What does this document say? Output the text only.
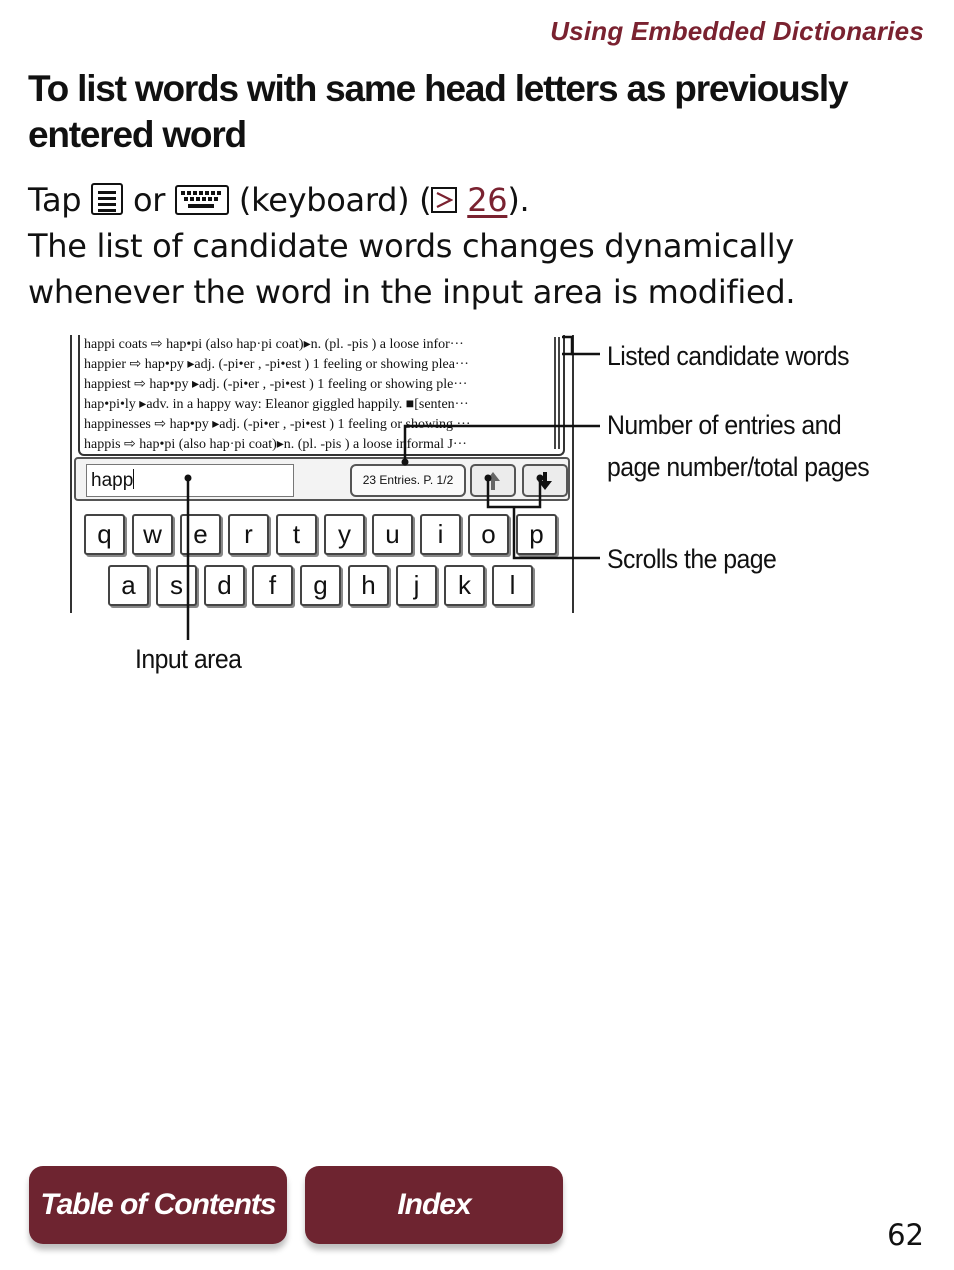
Using Embedded Dictionaries
To list words with same head letters as previously
entered word
Tap or (keyboard) ( 26).
The list of candidate words changes dynamically
whenever the word in the input area is modified.
happi coats ⇨ hap•pi (also hap·pi coat)▸n. (pl. -pis ) a loose infor···
happier ⇨ hap•py ▸adj. (-pi•er , -pi•est ) 1 feeling or showing plea···
happiest ⇨ hap•py ▸adj. (-pi•er , -pi•est ) 1 feeling or showing ple···
hap•pi•ly ▸adv. in a happy way: Eleanor giggled happily. ■[senten···
happinesses ⇨ hap•py ▸adj. (-pi•er , -pi•est ) 1 feeling or showing ···
happis ⇨ hap•pi (also hap·pi coat)▸n. (pl. -pis ) a loose informal J···
happ	23 Entries. P. 1/2
q	w	e	r	t	y	u	i	o	p
a	s	d	f	g	h	j	k	l
Listed candidate words
Number of entries and
page number/total pages
Scrolls the page
Input area
Table of Contents	Index
62
